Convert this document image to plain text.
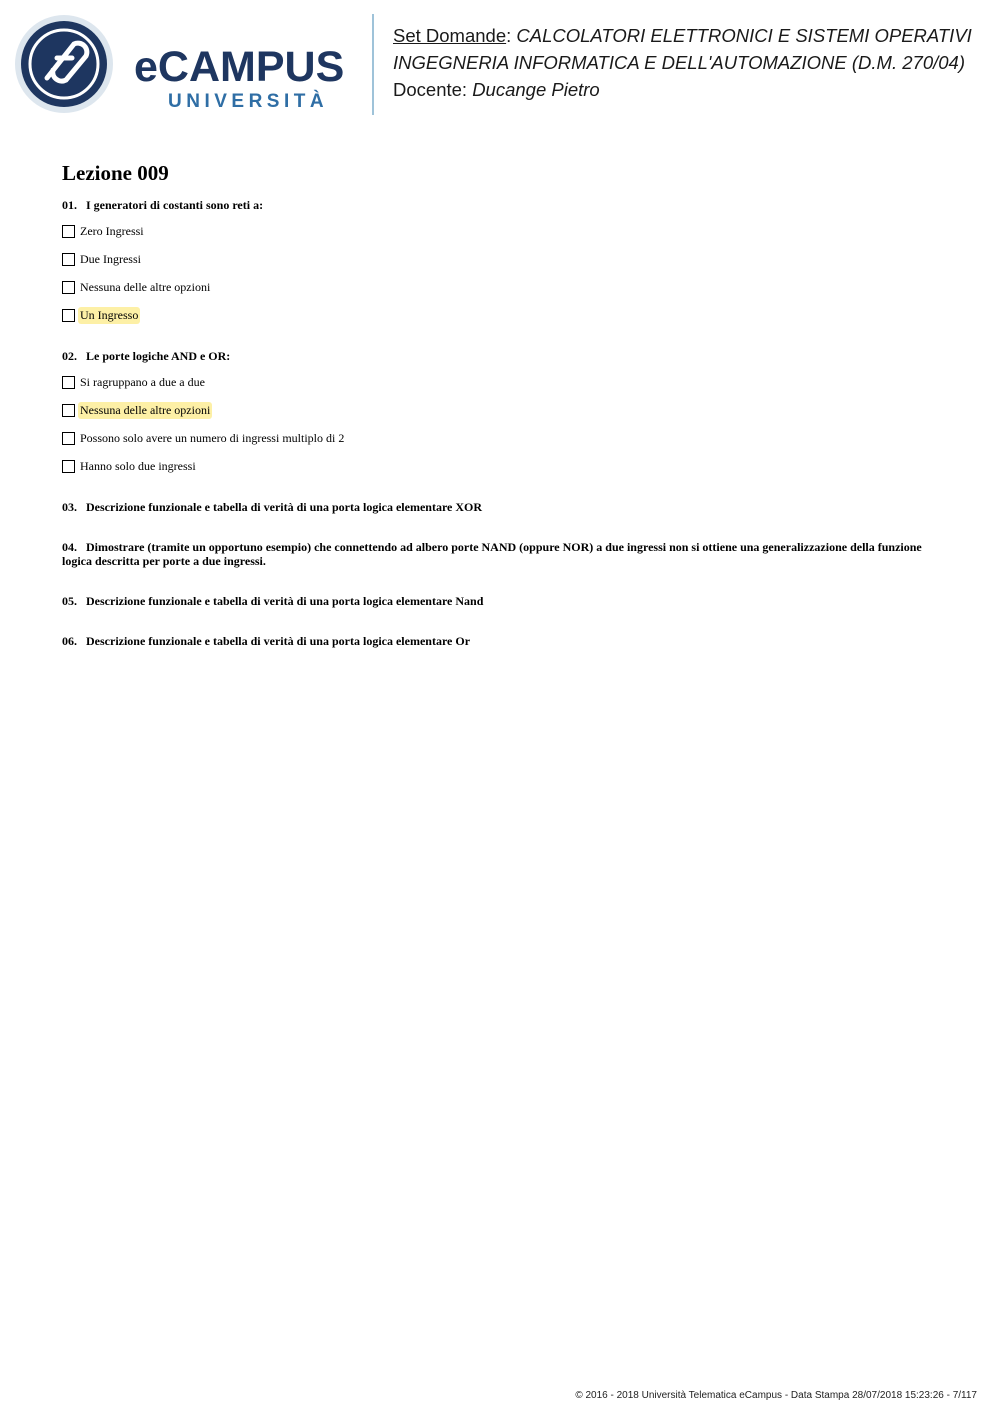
eCAMPUS
UNIVERSITÀ
Set Domande: CALCOLATORI ELETTRONICI E SISTEMI OPERATIVI
INGEGNERIA INFORMATICA E DELL'AUTOMAZIONE (D.M. 270/04)
Docente: Ducange Pietro
Lezione 009
01. I generatori di costanti sono reti a:
Zero Ingressi
Due Ingressi
Nessuna delle altre opzioni
Un Ingresso
02. Le porte logiche AND e OR:
Si ragruppano a due a due
Nessuna delle altre opzioni
Possono solo avere un numero di ingressi multiplo di 2
Hanno solo due ingressi
03. Descrizione funzionale e tabella di verità di una porta logica elementare XOR
04. Dimostrare (tramite un opportuno esempio) che connettendo ad albero porte NAND (oppure NOR) a due ingressi non si ottiene una generalizzazione della funzione logica descritta per porte a due ingressi.
05. Descrizione funzionale e tabella di verità di una porta logica elementare Nand
06. Descrizione funzionale e tabella di verità di una porta logica elementare Or
© 2016 - 2018 Università Telematica eCampus - Data Stampa 28/07/2018 15:23:26 - 7/117
